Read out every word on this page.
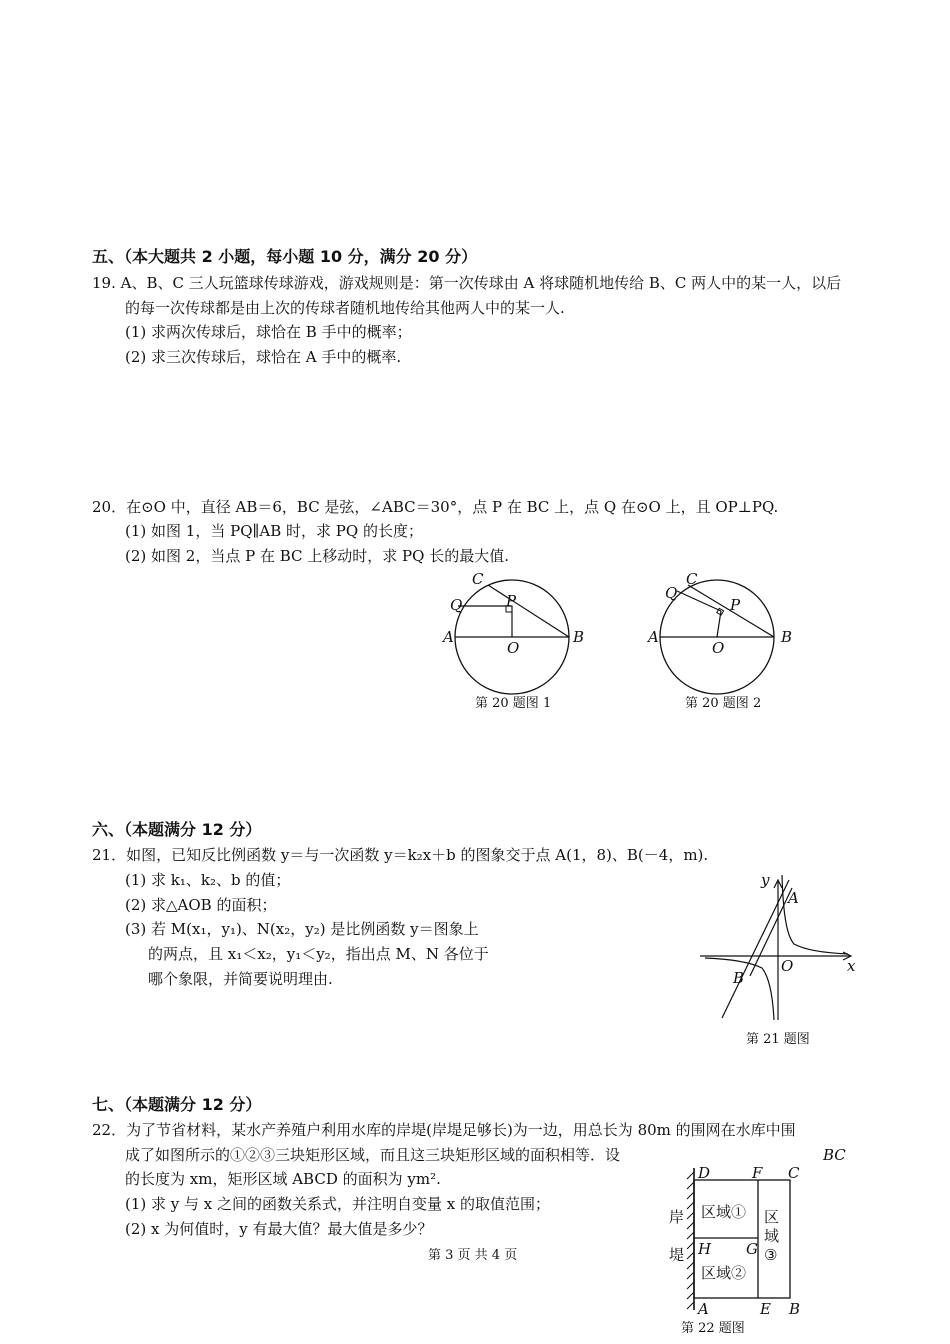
五、（本大题共 2 小题，每小题 10 分，满分 20 分）
19. A、B、C 三人玩篮球传球游戏，游戏规则是：第一次传球由 A 将球随机地传给 B、C 两人中的某一人，以后
的每一次传球都是由上次的传球者随机地传给其他两人中的某一人.
(1) 求两次传球后，球恰在 B 手中的概率；
(2) 求三次传球后，球恰在 A 手中的概率.
20．在⊙O 中，直径 AB＝6，BC 是弦，∠ABC＝30°，点 P 在 BC 上，点 Q 在⊙O 上，且 OP⊥PQ.
(1) 如图 1，当 PQ∥AB 时，求 PQ 的长度；
(2) 如图 2，当点 P 在 BC 上移动时，求 PQ 长的最大值.
C
Q	P
A	B
O
第 20 题图 1
C
Q
P
A	B
O
第 20 题图 2
六、（本题满分 12 分）
21．如图，已知反比例函数 y＝与一次函数 y＝k₂x＋b 的图象交于点 A(1，8)、B(－4，m).
(1) 求 k₁、k₂、b 的值；
(2) 求△AOB 的面积；
(3) 若 M(x₁，y₁)、N(x₂，y₂) 是比例函数 y＝图象上
的两点，且 x₁＜x₂，y₁＜y₂，指出点 M、N 各位于
哪个象限，并简要说明理由.
y
A
O	x
B
第 21 题图
七、（本题满分 12 分）
22．为了节省材料，某水产养殖户利用水库的岸堤(岸堤足够长)为一边，用总长为 80m 的围网在水库中围
成了如图所示的①②③三块矩形区域，而且这三块矩形区域的面积相等．设	BC
的长度为 xm，矩形区域 ABCD 的面积为 ym².
(1) 求 y 与 x 之间的函数关系式，并注明自变量 x 的取值范围；
(2) x 为何值时，y 有最大值？最大值是多少？
第 3 页 共 4 页
D	F C
区域① 区
域
③
岸
堤 H G
区域②
A	E B
第 22 题图
